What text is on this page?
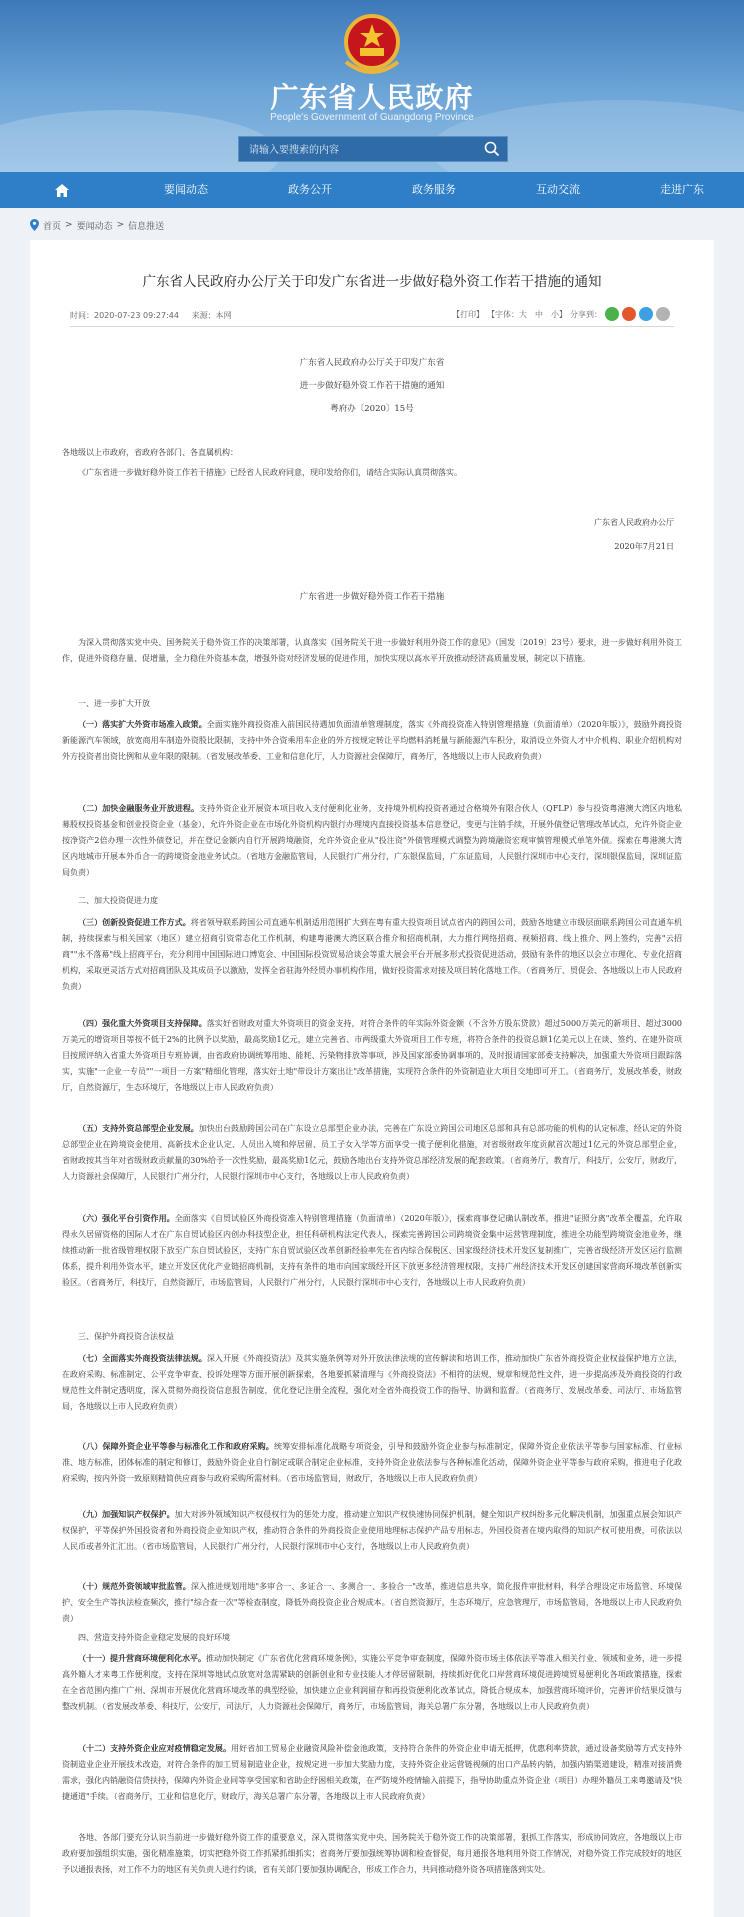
广东省人民政府
People's Government of Guangdong Province
请输入要搜索的内容
要闻动态	政务公开	政务服务	互动交流	走进广东
首页 > 要闻动态 > 信息推送
广东省人民政府办公厅关于印发广东省进一步做好稳外资工作若干措施的通知
时间：2020-07-23 09:27:44 来源：本网	【打印】 【字体：大　中　小】 分享到：
广东省人民政府办公厅关于印发广东省
进一步做好稳外资工作若干措施的通知
粤府办〔2020〕15号
各地级以上市政府，省政府各部门、各直属机构：
《广东省进一步做好稳外资工作若干措施》已经省人民政府同意，现印发给你们，请结合实际认真贯彻落实。
广东省人民政府办公厅
2020年7月21日
广东省进一步做好稳外资工作若干措施
为深入贯彻落实党中央、国务院关于稳外资工作的决策部署，认真落实《国务院关于进一步做好利用外资工作的意见》（国发〔2019〕23号）要求，进一步做好利用外资工作，促进外资稳存量、促增量，全力稳住外资基本盘，增强外资对经济发展的促进作用，加快实现以高水平开放推动经济高质量发展，制定以下措施。
一、进一步扩大开放
（一）落实扩大外资市场准入政策。全面实施外商投资准入前国民待遇加负面清单管理制度，落实《外商投资准入特别管理措施（负面清单）（2020年版）》，鼓励外商投资新能源汽车领域，放宽商用车制造外资股比限制，支持中外合资乘用车企业的外方按规定转让平均燃料消耗量与新能源汽车积分，取消设立外资人才中介机构、职业介绍机构对外方投资者出资比例和从业年限的限制。（省发展改革委、工业和信息化厅，人力资源社会保障厅，商务厅，各地级以上市人民政府负责）
（二）加快金融服务业开放进程。支持外资企业开展资本项目收入支付便利化业务，支持境外机构投资者通过合格境外有限合伙人（QFLP）参与投资粤港澳大湾区内地私募股权投资基金和创业投资企业（基金），允许外资企业在市场化外资机构内银行办理境内直接投资基本信息登记，变更与注销手续，开展外债登记管理改革试点，允许外资企业按净资产2倍办理一次性外债登记，并在登记金额内自行开展跨境融资，允许外资企业从"投注资"外债管理模式调整为跨境融资宏观审慎管理模式单笔外债。探索在粤港澳大湾区内地城市开展本外币合一的跨境资金池业务试点。（省地方金融监管局，人民银行广州分行，广东银保监局，广东证监局，人民银行深圳市中心支行，深圳银保监局，深圳证监局负责）
二、加大投资促进力度
（三）创新投资促进工作方式。将省领导联系跨国公司直通车机制适用范围扩大到在粤有重大投资项目试点省内的跨国公司，鼓励各地建立市级层面联系跨国公司直通车机制，持续探索与相关国家（地区）建立招商引资常态化工作机制，构建粤港澳大湾区联合推介和招商机制，大力推行网络招商、视频招商、线上推介、网上签约，完善"云招商""永不落幕"线上招商平台，充分利用中国国际进口博览会、中国国际投资贸易洽谈会等重大展会平台开展多形式投资促进活动，鼓励有条件的地区以会立市理化、专业化招商机构，采取更灵活方式对招商团队及其成员予以激励，发挥全省驻海外经贸办事机构作用，做好投资需求对接及项目转化落地工作。（省商务厅、贸促会、各地级以上市人民政府负责）
（四）强化重大外资项目支持保障。落实好省财政对重大外资项目的资金支持，对符合条件的年实际外资金额（不含外方股东贷款）超过5000万美元的新项目、超过3000万美元的增资项目等按不低于2%的比例予以奖励，最高奖励1亿元，建立完善省、市两级重大外资项目工作专班，将符合条件的投资总额1亿美元以上在谈、签约、在建外资项目按照评纳入省重大外资项目专班协调，由省政府协调统筹用地、能耗、污染物排放等事项，涉及国家部委协调事项的，及时报请国家部委支持解决，加强重大外资项目跟踪落实，实施"一企业一专员""一项目一方案"精细化管理，落实好土地"带设计方案出让"改革措施，实现符合条件的外资制造业大项目交地即可开工。（省商务厅，发展改革委，财政厅，自然资源厅，生态环境厅，各地级以上市人民政府负责）
（五）支持外资总部型企业发展。加快出台鼓励跨国公司在广东设立总部型企业办法，完善在广东设立跨国公司地区总部和具有总部功能的机构的认定标准，经认定的外资总部型企业在跨境资金使用、高新技术企业认定、人员出入境和停居留、员工子女入学等方面享受一揽子便利化措施，对省级财政年度贡献首次超过1亿元的外资总部型企业，省财政按其当年对省级财政贡献量的30%给予一次性奖励，最高奖励1亿元，鼓励各地出台支持外资总部经济发展的配套政策。（省商务厅，教育厅，科技厅，公安厅，财政厅，人力资源社会保障厅，人民银行广州分行，人民银行深圳市中心支行，各地级以上市人民政府负责）
（六）强化平台引资作用。全面落实《自贸试验区外商投资准入特别管理措施（负面清单）（2020年版）》，探索商事登记确认制改革，推进"证照分离"改革全覆盖，允许取得永久居留资格的国际人才在广东自贸试验区内创办科技型企业，担任科研机构法定代表人，探索完善跨国公司跨境资金集中运营管理制度，推进全功能型跨境资金池业务，继续推动新一批省级管理权限下放至广东自贸试验区，支持广东自贸试验区改革创新经验率先在省内综合保税区、国家级经济技术开发区复制推广，完善省级经济开发区运行监测体系，提升利用外资水平，建立开发区优化产业链招商机制，支持有条件的地市向国家级经开区下放更多经济管理权限，支持广州经济技术开发区创建国家营商环境改革创新实验区。（省商务厅，科技厅，自然资源厅，市场监管局，人民银行广州分行，人民银行深圳市中心支行，各地级以上市人民政府负责）
三、保护外商投资合法权益
（七）全面落实外商投资法律法规。深入开展《外商投资法》及其实施条例等对外开放法律法规的宣传解读和培训工作，推动加快广东省外商投资企业权益保护地方立法，在政府采购、标准制定、公平竞争审查、投诉处理等方面开展创新探索，各地要抓紧清理与《外商投资法》不相符的法规、规章和规范性文件，进一步提高涉及外商投资的行政规范性文件制定透明度，深入贯彻外商投资信息报告制度，优化登记注册全流程，强化对全省外商投资工作的指导、协调和监督。（省商务厅、发展改革委、司法厅、市场监管局，各地级以上市人民政府负责）
（八）保障外资企业平等参与标准化工作和政府采购。统筹安排标准化战略专项资金，引导和鼓励外资企业参与标准制定，保障外资企业依法平等参与国家标准、行业标准、地方标准，团体标准的制定和修订，鼓励外资企业自行制定或联合制定企业标准，支持外资企业依法参与各种标准化活动，保障外资企业平等参与政府采购，推进电子化政府采购，按内外资一致原则精简供应商参与政府采购所需材料。（省市场监管局，财政厅，各地级以上市人民政府负责）
（九）加强知识产权保护。加大对涉外领域知识产权侵权行为的惩处力度，推动建立知识产权快速协同保护机制，健全知识产权纠纷多元化解决机制，加强重点展会知识产权保护，平等保护外国投资者和外商投资企业知识产权，推动符合条件的外商投资企业使用地理标志保护产品专用标志，外国投资者在境内取得的知识产权可使用费，可依法以人民币或者外汇汇出。（省市场监管局，人民银行广州分行，人民银行深圳市中心支行，各地级以上市人民政府负责）
（十）规范外资领域审批监管。深入推进规划用地"多审合一、多证合一、多测合一、多验合一"改革，推进信息共享，简化报件审批材料，科学合理设定市场监管、环境保护、安全生产等执法检查频次，推行"综合查一次"等检查制度，降低外商投资企业合规成本。（省自然资源厅，生态环境厅，应急管理厅，市场监管局，各地级以上市人民政府负责）
四、营造支持外资企业稳定发展的良好环境
（十一）提升营商环境便利化水平。推动加快制定《广东省优化营商环境条例》，实施公平竞争审查制度，保障外资市场主体依法平等准入相关行业、领域和业务，进一步提高外籍人才来粤工作便利度，支持在深圳等地试点放宽对急需紧缺的创新创业和专业技能人才停居留限制，持续抓好优化口岸营商环境促进跨境贸易便利化各项政策措施，探索在全省范围内推广广州、深圳市开展优化营商环境改革的典型经验，加快建立企业利润留存和再投资便利化改革试点，降低合规成本，加强营商环境评价，完善评价结果反馈与整改机制。（省发展改革委、科技厅，公安厅，司法厅，人力资源社会保障厅，商务厅，市场监管局，海关总署广东分署，各地级以上市人民政府负责）
（十二）支持外资企业应对疫情稳定发展。用好省加工贸易企业融资风险补偿金池政策，支持符合条件的外资企业申请无抵押，优惠利率贷款，通过设备奖励等方式支持外资制造业企业开展技术改造，对符合条件的加工贸易制造业企业，按规定进一步加大奖励力度，支持外资企业运营链视频的出口产品转内销，加强内销渠道建设，精准对接消费需求，强化内销融资信贷扶持，保障内外资企业同等享受国家和省助企纾困相关政策，在严防境外疫情输入前提下，指导协助重点外资企业（项目）办理外籍员工来粤邀请及"快捷通道"手续。（省商务厅，工业和信息化厅，财政厅，海关总署广东分署，各地级以上市人民政府负责）
各地、各部门要充分认识当前进一步做好稳外资工作的重要意义，深入贯彻落实党中央、国务院关于稳外资工作的决策部署，狠抓工作落实，形成协同效应，各地级以上市政府要加强组织实施，强化精准施策，切实把稳外资工作抓紧抓细抓实；省商务厅要加强统筹协调和检查督促，每月通报各地利用外资工作情况，对稳外资工作完成较好的地区予以通报表扬，对工作不力的地区有关负责人进行约谈，省有关部门要加强协调配合，形成工作合力，共同推动稳外资各项措施落到实处。
